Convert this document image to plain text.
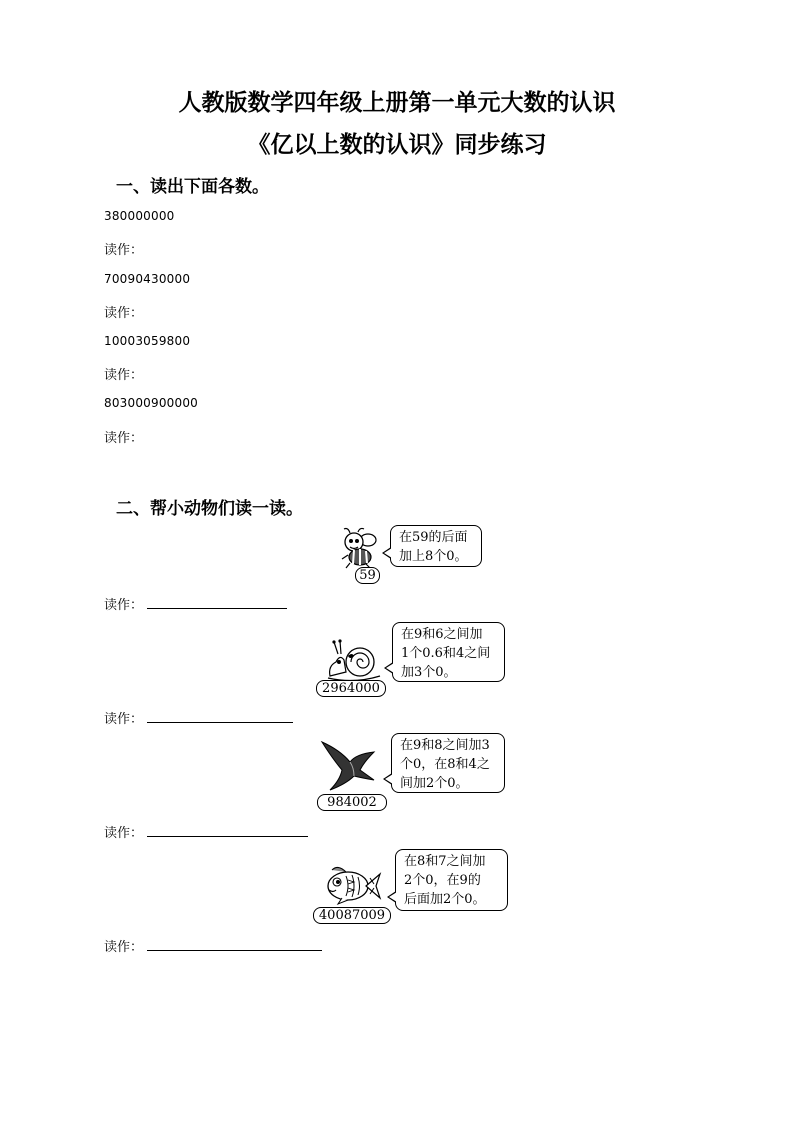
人教版数学四年级上册第一单元大数的认识
《亿以上数的认识》同步练习
一、读出下面各数。
380000000
读作：
70090430000
读作：
10003059800
读作：
803000900000
读作：
二、帮小动物们读一读。
59
在59的后面
加上8个0。
读作：
2964000
在9和6之间加
1个0.6和4之间
加3个0。
读作：
984002
在9和8之间加3
个0，在8和4之
间加2个0。
读作：
40087009
在8和7之间加
2个0，在9的
后面加2个0。
读作：
